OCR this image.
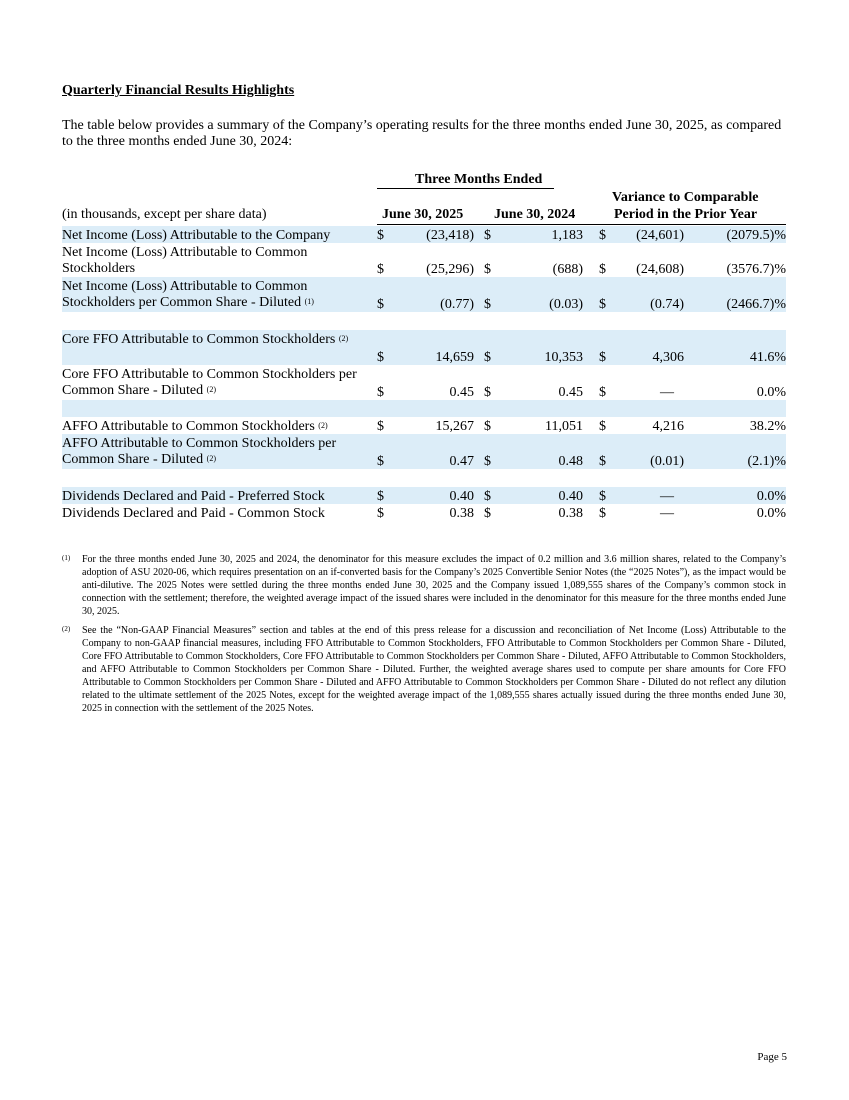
Quarterly Financial Results Highlights
The table below provides a summary of the Company’s operating results for the three months ended June 30, 2025, as compared to the three months ended June 30, 2024:
Three Months Ended
Variance to Comparable
Period in the Prior Year
(in thousands, except per share data)	June 30, 2025 June 30, 2024
Net Income (Loss) Attributable to the Company	$	(23,418) $	1,183 $ (24,601)	(2079.5)%
Net Income (Loss) Attributable to Common Stockholders	$	(25,296) $	(688) $ (24,608)	(3576.7)%
Net Income (Loss) Attributable to Common Stockholders per Common Share - Diluted $^{(1)}$	$	(0.77) $	(0.03) $	(0.74)	(2466.7)%
Core FFO Attributable to Common Stockholders $^{(2)}$
$	14,659 $	10,353 $	4,306	41.6%
Core FFO Attributable to Common Stockholders per Common Share - Diluted $^{(2)}$	$	0.45 $	0.45 $	—	0.0%
AFFO Attributable to Common Stockholders $^{(2)}$	$	15,267 $	11,051 $	4,216	38.2%
AFFO Attributable to Common Stockholders per Common Share - Diluted $^{(2)}$	$	0.47 $	0.48 $	(0.01)	(2.1)%
Dividends Declared and Paid - Preferred Stock	$	0.40 $	0.40 $	—	0.0%
Dividends Declared and Paid - Common Stock	$	0.38 $	0.38 $	—	0.0%
(1) For the three months ended June 30, 2025 and 2024, the denominator for this measure excludes the impact of 0.2 million and 3.6 million shares, related to the Company’s adoption of ASU 2020-06, which requires presentation on an if-converted basis for the Company’s 2025 Convertible Senior Notes (the “2025 Notes”), as the impact would be anti-dilutive. The 2025 Notes were settled during the three months ended June 30, 2025 and the Company issued 1,089,555 shares of the Company’s common stock in connection with the settlement; therefore, the weighted average impact of the issued shares were included in the denominator for this measure for the three months ended June 30, 2025.
(2) See the “Non-GAAP Financial Measures” section and tables at the end of this press release for a discussion and reconciliation of Net Income (Loss) Attributable to the Company to non-GAAP financial measures, including FFO Attributable to Common Stockholders, FFO Attributable to Common Stockholders per Common Share - Diluted, Core FFO Attributable to Common Stockholders, Core FFO Attributable to Common Stockholders per Common Share - Diluted, AFFO Attributable to Common Stockholders, and AFFO Attributable to Common Stockholders per Common Share - Diluted. Further, the weighted average shares used to compute per share amounts for Core FFO Attributable to Common Stockholders per Common Share - Diluted and AFFO Attributable to Common Stockholders per Common Share - Diluted do not reflect any dilution related to the ultimate settlement of the 2025 Notes, except for the weighted average impact of the 1,089,555 shares actually issued during the three months ended June 30, 2025 in connection with the settlement of the 2025 Notes.
Page 5
